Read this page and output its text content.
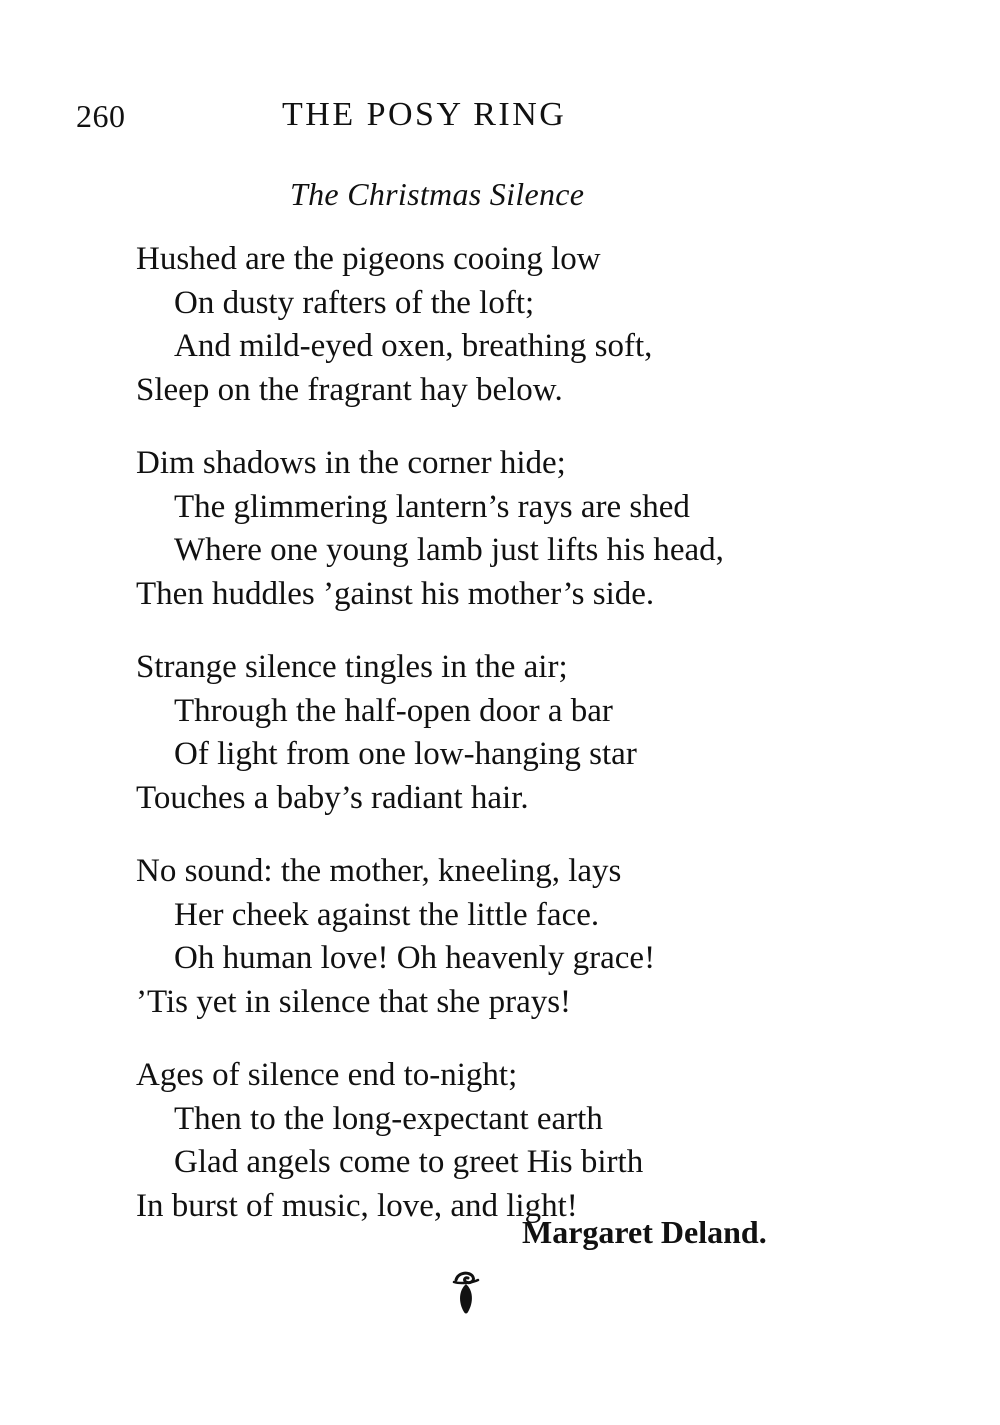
260	THE POSY RING
The Christmas Silence
Hushed are the pigeons cooing low
On dusty rafters of the loft;
And mild-eyed oxen, breathing soft,
Sleep on the fragrant hay below.
Dim shadows in the corner hide;
The glimmering lantern’s rays are shed
Where one young lamb just lifts his head,
Then huddles ’gainst his mother’s side.
Strange silence tingles in the air;
Through the half-open door a bar
Of light from one low-hanging star
Touches a baby’s radiant hair.
No sound: the mother, kneeling, lays
Her cheek against the little face.
Oh human love! Oh heavenly grace!
’Tis yet in silence that she prays!
Ages of silence end to-night;
Then to the long-expectant earth
Glad angels come to greet His birth
In burst of music, love, and light!
Margaret Deland.
